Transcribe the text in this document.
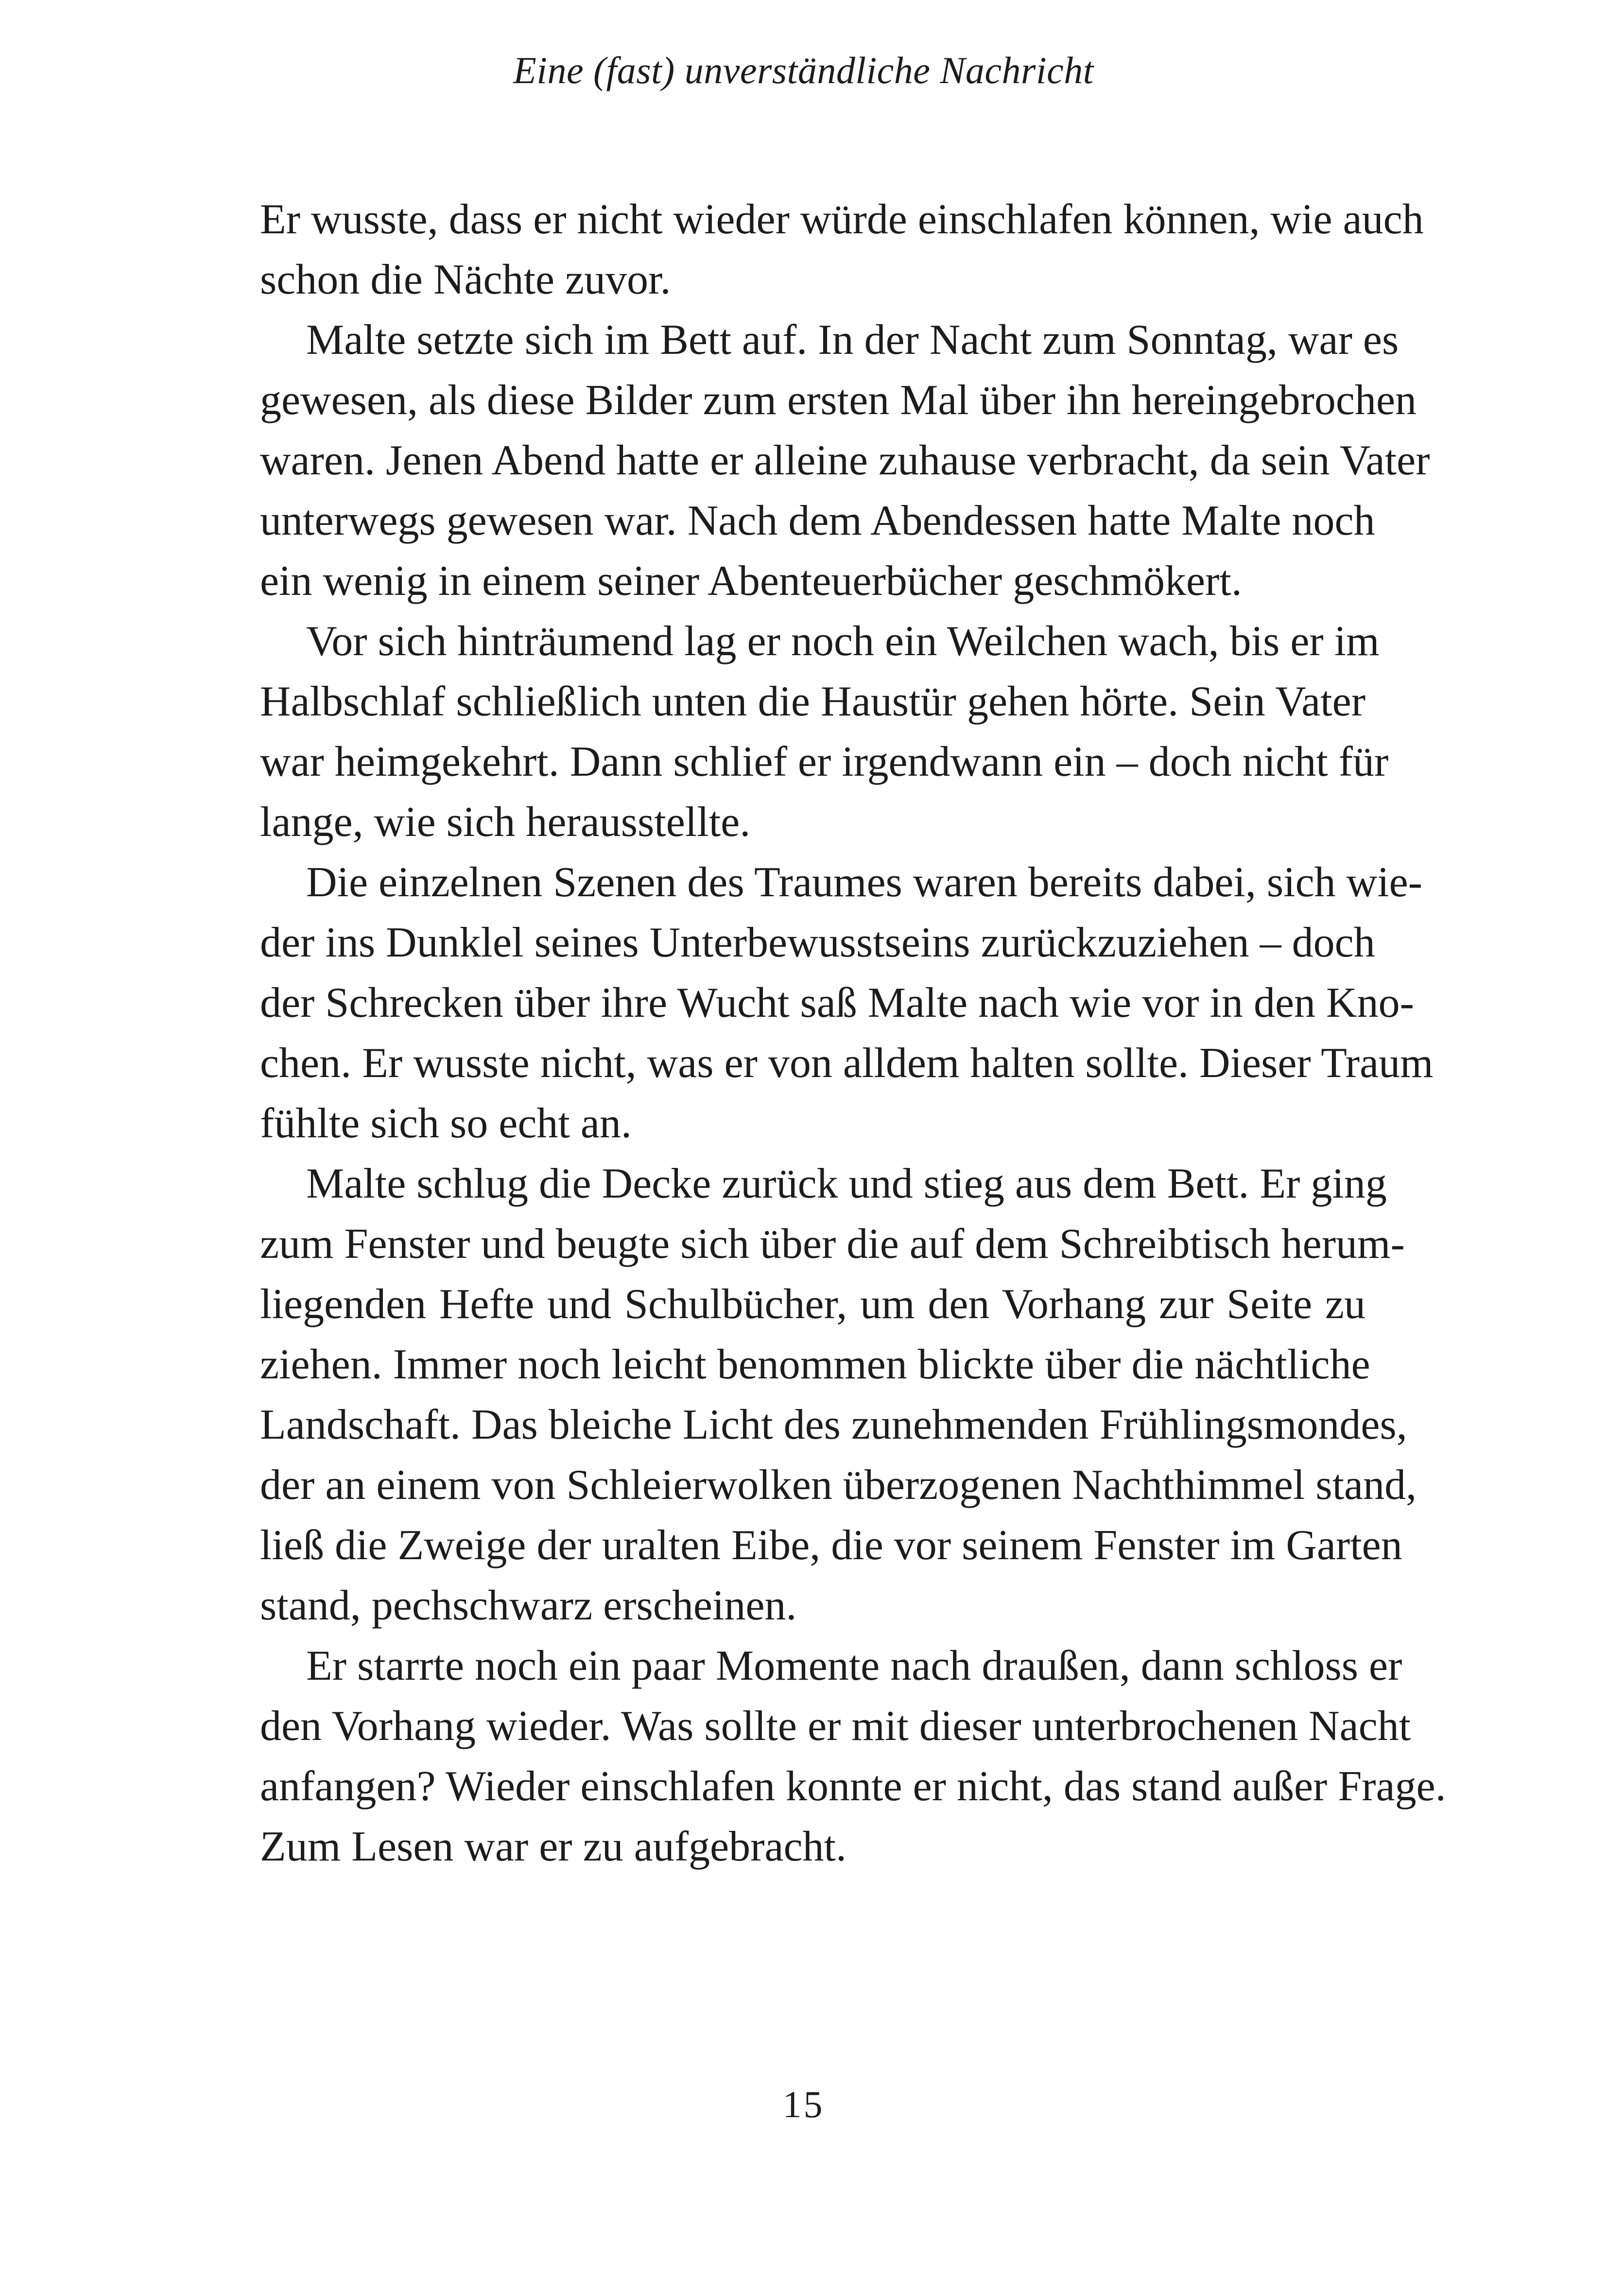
Eine (fast) unverständliche Nachricht
Er wusste, dass er nicht wieder würde einschlafen können, wie auch
schon die Nächte zuvor.
Malte setzte sich im Bett auf. In der Nacht zum Sonntag, war es
gewesen, als diese Bilder zum ersten Mal über ihn hereingebrochen
waren. Jenen Abend hatte er alleine zuhause verbracht, da sein Vater
unterwegs gewesen war. Nach dem Abendessen hatte Malte noch
ein wenig in einem seiner Abenteuerbücher geschmökert.
Vor sich hinträumend lag er noch ein Weilchen wach, bis er im
Halbschlaf schließlich unten die Haustür gehen hörte. Sein Vater
war heimgekehrt. Dann schlief er irgendwann ein – doch nicht für
lange, wie sich herausstellte.
Die einzelnen Szenen des Traumes waren bereits dabei, sich wie-
der ins Dunklel seines Unterbewusstseins zurückzuziehen – doch
der Schrecken über ihre Wucht saß Malte nach wie vor in den Kno-
chen. Er wusste nicht, was er von alldem halten sollte. Dieser Traum
fühlte sich so echt an.
Malte schlug die Decke zurück und stieg aus dem Bett. Er ging
zum Fenster und beugte sich über die auf dem Schreibtisch herum-
liegenden Hefte und Schulbücher, um den Vorhang zur Seite zu
ziehen. Immer noch leicht benommen blickte über die nächtliche
Landschaft. Das bleiche Licht des zunehmenden Frühlingsmondes,
der an einem von Schleierwolken überzogenen Nachthimmel stand,
ließ die Zweige der uralten Eibe, die vor seinem Fenster im Garten
stand, pechschwarz erscheinen.
Er starrte noch ein paar Momente nach draußen, dann schloss er
den Vorhang wieder. Was sollte er mit dieser unterbrochenen Nacht
anfangen? Wieder einschlafen konnte er nicht, das stand außer Frage.
Zum Lesen war er zu aufgebracht.
15
